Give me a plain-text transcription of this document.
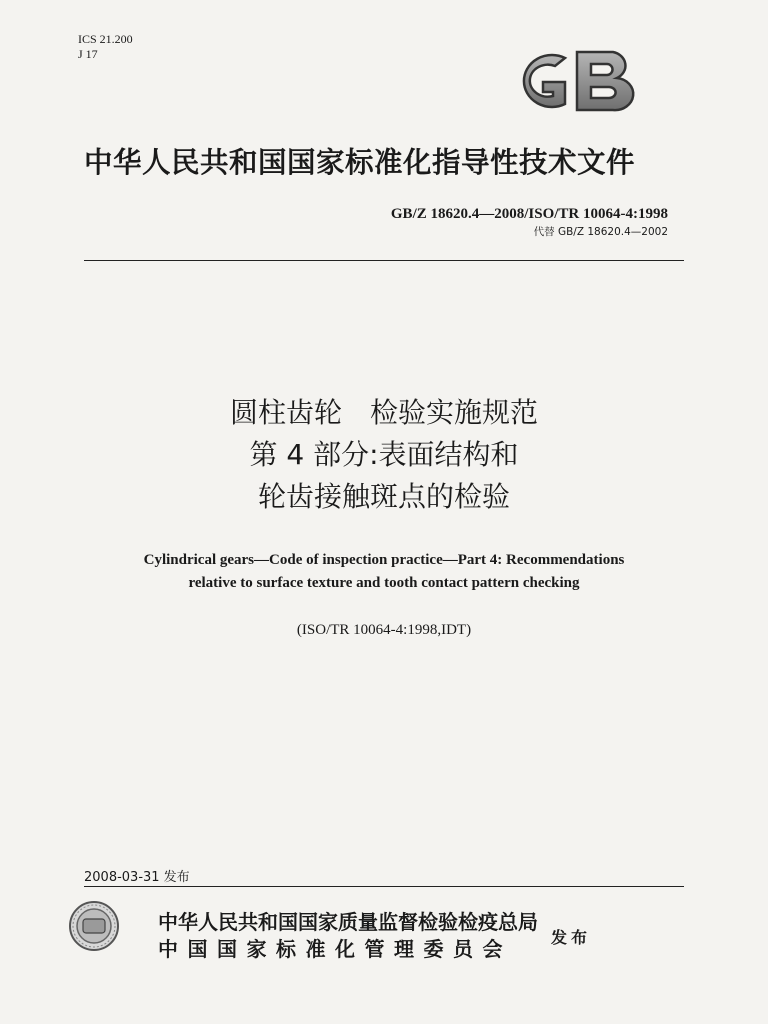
ICS 21.200
J 17
GB
中华人民共和国国家标准化指导性技术文件
GB/Z 18620.4—2008/ISO/TR 10064-4:1998
代替 GB/Z 18620.4—2002
圆柱齿轮　检验实施规范
第 4 部分:表面结构和
轮齿接触斑点的检验
Cylindrical gears—Code of inspection practice—Part 4: Recommendations
relative to surface texture and tooth contact pattern checking
(ISO/TR 10064-4:1998,IDT)
2008-03-31 发布
中华人民共和国国家质量监督检验检疫总局
中国国家标准化管理委员会	发布
